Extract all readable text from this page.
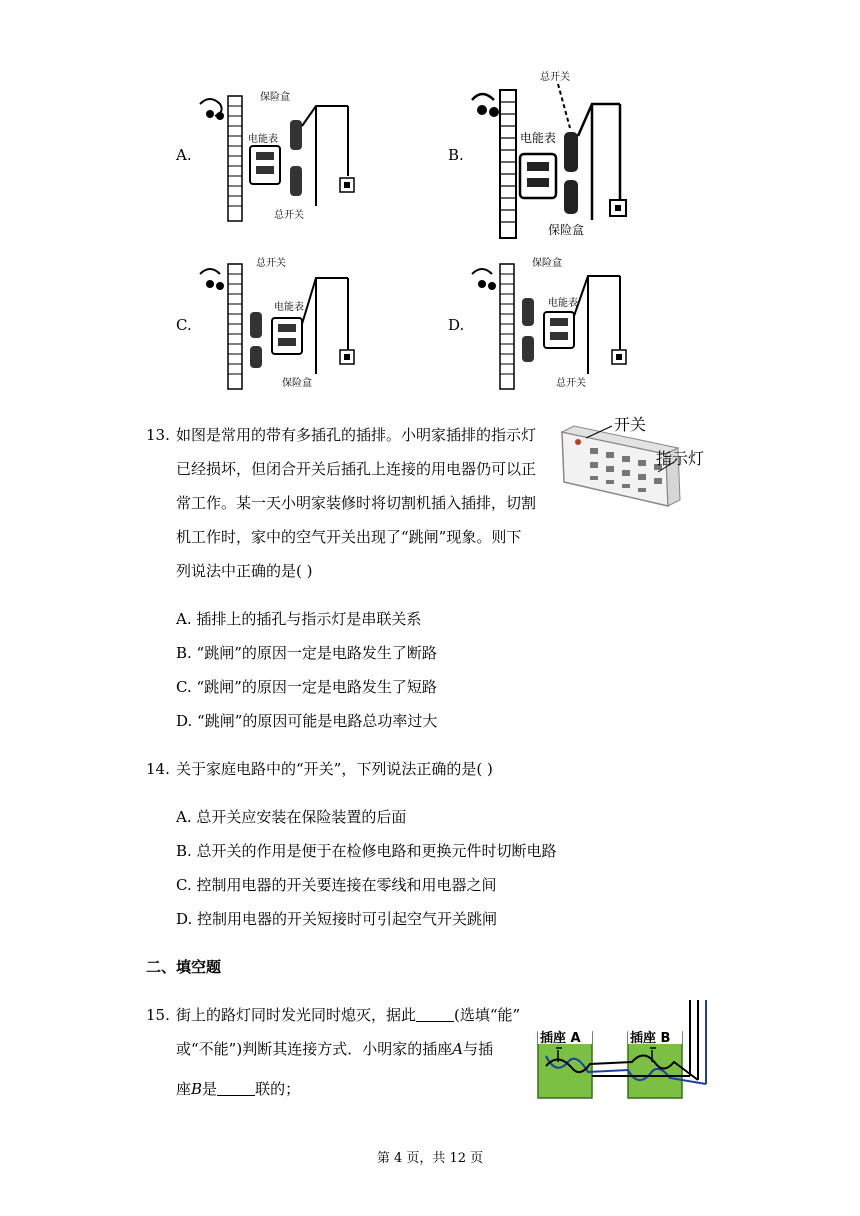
A.
保险盒
电能表
总开关
B.
总开关
电能表
保险盒
C.
总开关
电能表
保险盒
D.
保险盒
电能表
总开关
13. 如图是常用的带有多插孔的插排。小明家插排的指示灯
已经损坏，但闭合开关后插孔上连接的用电器仍可以正
常工作。某一天小明家装修时将切割机插入插排，切割
机工作时，家中的空气开关出现了“跳闸”现象。则下
列说法中正确的是( )
开关
指示灯
A. 插排上的插孔与指示灯是串联关系
B. “跳闸”的原因一定是电路发生了断路
C. “跳闸”的原因一定是电路发生了短路
D. “跳闸”的原因可能是电路总功率过大
14. 关于家庭电路中的“开关”，下列说法正确的是( )
A. 总开关应安装在保险装置的后面
B. 总开关的作用是便于在检修电路和更换元件时切断电路
C. 控制用电器的开关要连接在零线和用电器之间
D. 控制用电器的开关短接时可引起空气开关跳闸
二、填空题
15. 街上的路灯同时发光同时熄灭，据此	(选填“能”
或“不能”)判断其连接方式．小明家的插座A与插
座B是	联的；
插座 A	插座 B
第 4 页，共 12 页
